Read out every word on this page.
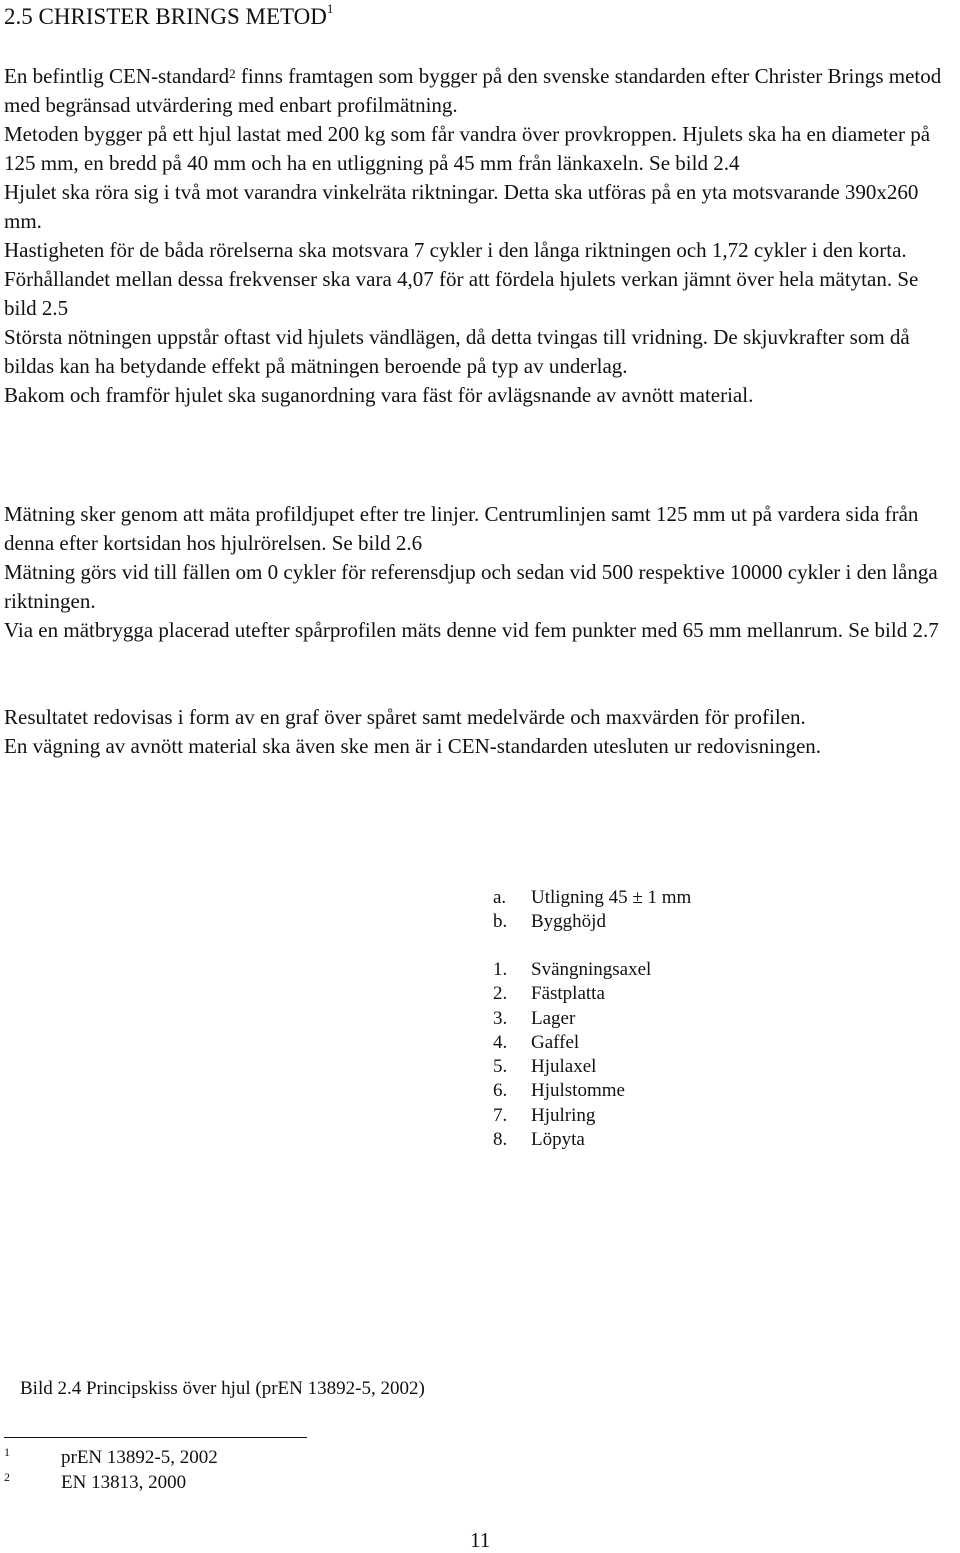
2.5 CHRISTER BRINGS METOD$^1$

En befintlig CEN-standard$^2$ finns framtagen som bygger på den svenske standarden efter Christer Brings metod med begränsad utvärdering med enbart profilmätning.

Metoden bygger på ett hjul lastat med 200 kg som får vandra över provkroppen. Hjulets ska ha en diameter på 125 mm, en bredd på 40 mm och ha en utliggning på 45 mm från länkaxeln. Se bild 2.4

Hjulet ska röra sig i två mot varandra vinkelräta riktningar. Detta ska utföras på en yta motsvarande 390x260 mm.

Hastigheten för de båda rörelserna ska motsvara 7 cykler i den långa riktningen och 1,72 cykler i den korta. Förhållandet mellan dessa frekvenser ska vara 4,07 för att fördela hjulets verkan jämnt över hela mätytan. Se bild 2.5

Största nötningen uppstår oftast vid hjulets vändlägen, då detta tvingas till vridning. De skjuvkrafter som då bildas kan ha betydande effekt på mätningen beroende på typ av underlag.

Bakom och framför hjulet ska suganordning vara fäst för avlägsnande av avnött material.

Mätning sker genom att mäta profildjupet efter tre linjer. Centrumlinjen samt 125 mm ut på vardera sida från denna efter kortsidan hos hjulrörelsen. Se bild 2.6

Mätning görs vid till fällen om 0 cykler för referensdjup och sedan vid 500 respektive 10000 cykler i den långa riktningen.

Via en mätbrygga placerad utefter spårprofilen mäts denne vid fem punkter med 65 mm mellanrum. Se bild 2.7

Resultatet redovisas i form av en graf över spåret samt medelvärde och maxvärden för profilen.

En vägning av avnött material ska även ske men är i CEN-standarden utesluten ur redovisningen.

a. Utligning 45 ± 1 mm
b. Bygghöjd
1. Svängningsaxel
2. Fästplatta
3. Lager
4. Gaffel
5. Hjulaxel
6. Hjulstomme
7. Hjulring
8. Löpyta
Bild 2.4 Principskiss över hjul (prEN 13892-5, 2002)
1	prEN 13892-5, 2002
2	EN 13813, 2000
11
